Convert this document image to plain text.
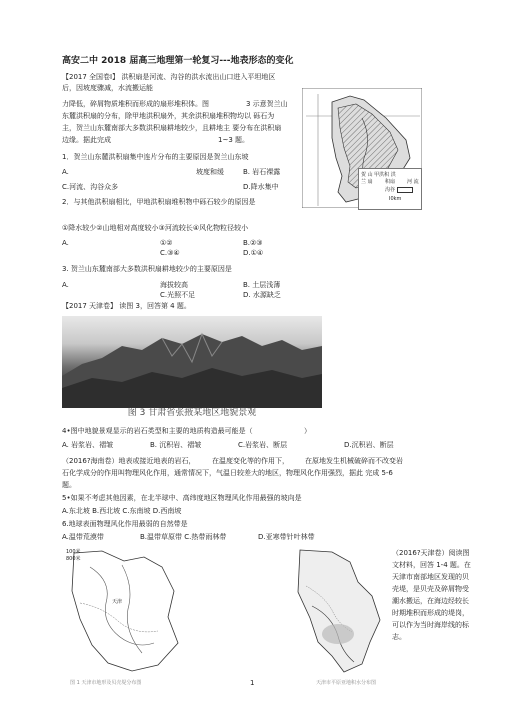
高安二中 2018 届高三地理第一轮复习---地表形态的变化
【2017 全国卷Ⅰ】 洪积扇是河流、沟谷的洪水流出山口进入平坦地区
后，因坡度骤减，水流搬运能
力降低，碎屑物质堆积而形成的扇形堆积体。图	3 示意贺兰山
东麓洪积扇的分布，除甲地洪积扇外，其余洪积扇堆积物均以 砾石为
主，贺兰山东麓南部大多数洪积扇耕地较少，且耕地主 要分布在洪积扇
边缘。据此完成	1~3 题。
1．贺兰山东麓洪积扇集中连片分布的主要原因是贺兰山东坡
A.	坡度和缓	B. 岩石裸露
C.河流、沟谷众多	D.降水集中
2．与其他洪积扇相比，甲地洪积扇堆积物中砾石较少的原因是
①降水较少②山地相对高度较小③河流较长④风化物粒径较小
A.	①②	B.②③
C.③④	D.①④
3. 贺兰山东麓南部大多数洪积扇耕地较少的主要原因是
A.	海拔较高	B. 土层浅薄
C.光照不足	D. 水源缺乏
【2017 天津卷】 读图 3，回答第 4 题。
图 3 甘肃省张掖某地区地貌景观
贺 山 甲洪积 洪
兰 扇 积扇 河 流
沟谷
I0km
4•图中地貌景观显示的岩石类型和主要的地质构造最可能是（	）
A. 岩浆岩、褶皱	B. 沉积岩、褶皱	C.岩浆岩、断层	D.沉积岩、断层
（2016?海南卷）地表或接近地表的岩石， 在温度变化等的作用下， 在原地发生机械破碎而不改变岩
石化学成分的作用叫物理风化作用，通常情况下，气温日较差大的地区，物理风化作用强烈，据此 完成 5-6
题。
5•如果不考虑其他因素，在北半球中、高纬度地区物理风化作用最强的坡向是
A.东北坡 B.西北坡 C.东南坡 D.西南坡
6.地球表面物理风化作用最弱的自然带是
A.温带荒漠带	B.温带草原带 C.热带雨林带	D.亚寒带针叶林带
100米
800米
天津
（2016?天津卷）阅读图
文材料，回答 1-4 题。在
天津市南部地区发现的贝
壳堤，是贝壳及碎屑物受
潮水搬运，在海边经较长
时期堆积而形成的堤岗，
可以作为当时海岸线的标
志。
图 1 天津市地形及贝壳堤分布图	1	天津市平原亚地积水分布图
